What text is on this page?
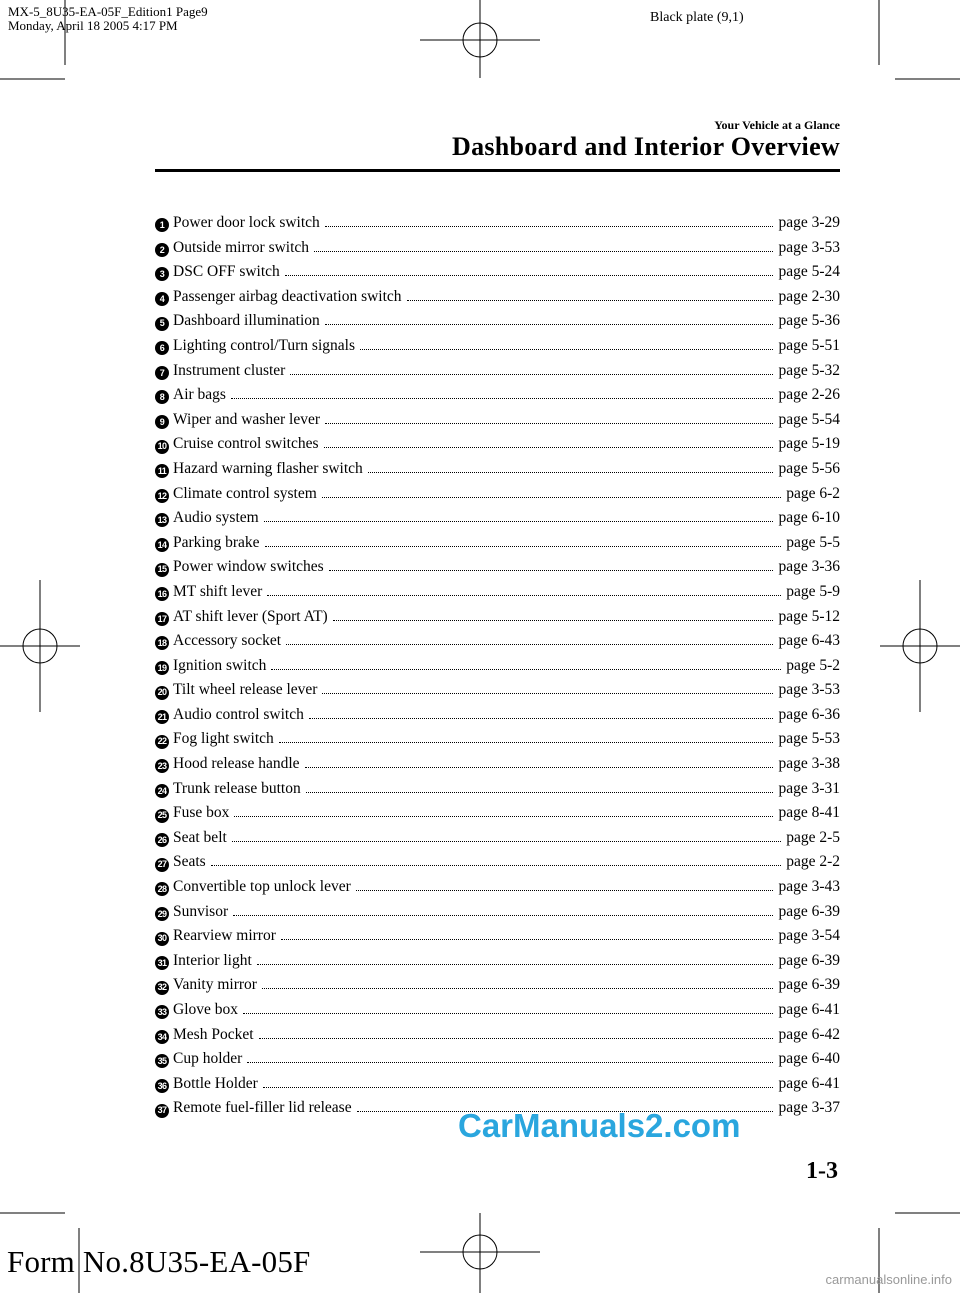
MX-5_8U35-EA-05F_Edition1 Page9
Monday, April 18 2005 4:17 PM
Black plate (9,1)
Your Vehicle at a Glance
Dashboard and Interior Overview
1 Power door lock switch	page 3-29
2 Outside mirror switch	page 3-53
3 DSC OFF switch	page 5-24
4 Passenger airbag deactivation switch	page 2-30
5 Dashboard illumination	page 5-36
6 Lighting control/Turn signals	page 5-51
7 Instrument cluster	page 5-32
8 Air bags	page 2-26
9 Wiper and washer lever	page 5-54
10 Cruise control switches	page 5-19
11 Hazard warning flasher switch	page 5-56
12 Climate control system	page 6-2
13 Audio system	page 6-10
14 Parking brake	page 5-5
15 Power window switches	page 3-36
16 MT shift lever	page 5-9
17 AT shift lever (Sport AT)	page 5-12
18 Accessory socket	page 6-43
19 Ignition switch	page 5-2
20 Tilt wheel release lever	page 3-53
21 Audio control switch	page 6-36
22 Fog light switch	page 5-53
23 Hood release handle	page 3-38
24 Trunk release button	page 3-31
25 Fuse box	page 8-41
26 Seat belt	page 2-5
27 Seats	page 2-2
28 Convertible top unlock lever	page 3-43
29 Sunvisor	page 6-39
30 Rearview mirror	page 3-54
31 Interior light	page 6-39
32 Vanity mirror	page 6-39
33 Glove box	page 6-41
34 Mesh Pocket	page 6-42
35 Cup holder	page 6-40
36 Bottle Holder	page 6-41
37 Remote fuel-filler lid release	page 3-37
1-3
CarManuals2.com
Form No.8U35-EA-05F
carmanualsonline.info
